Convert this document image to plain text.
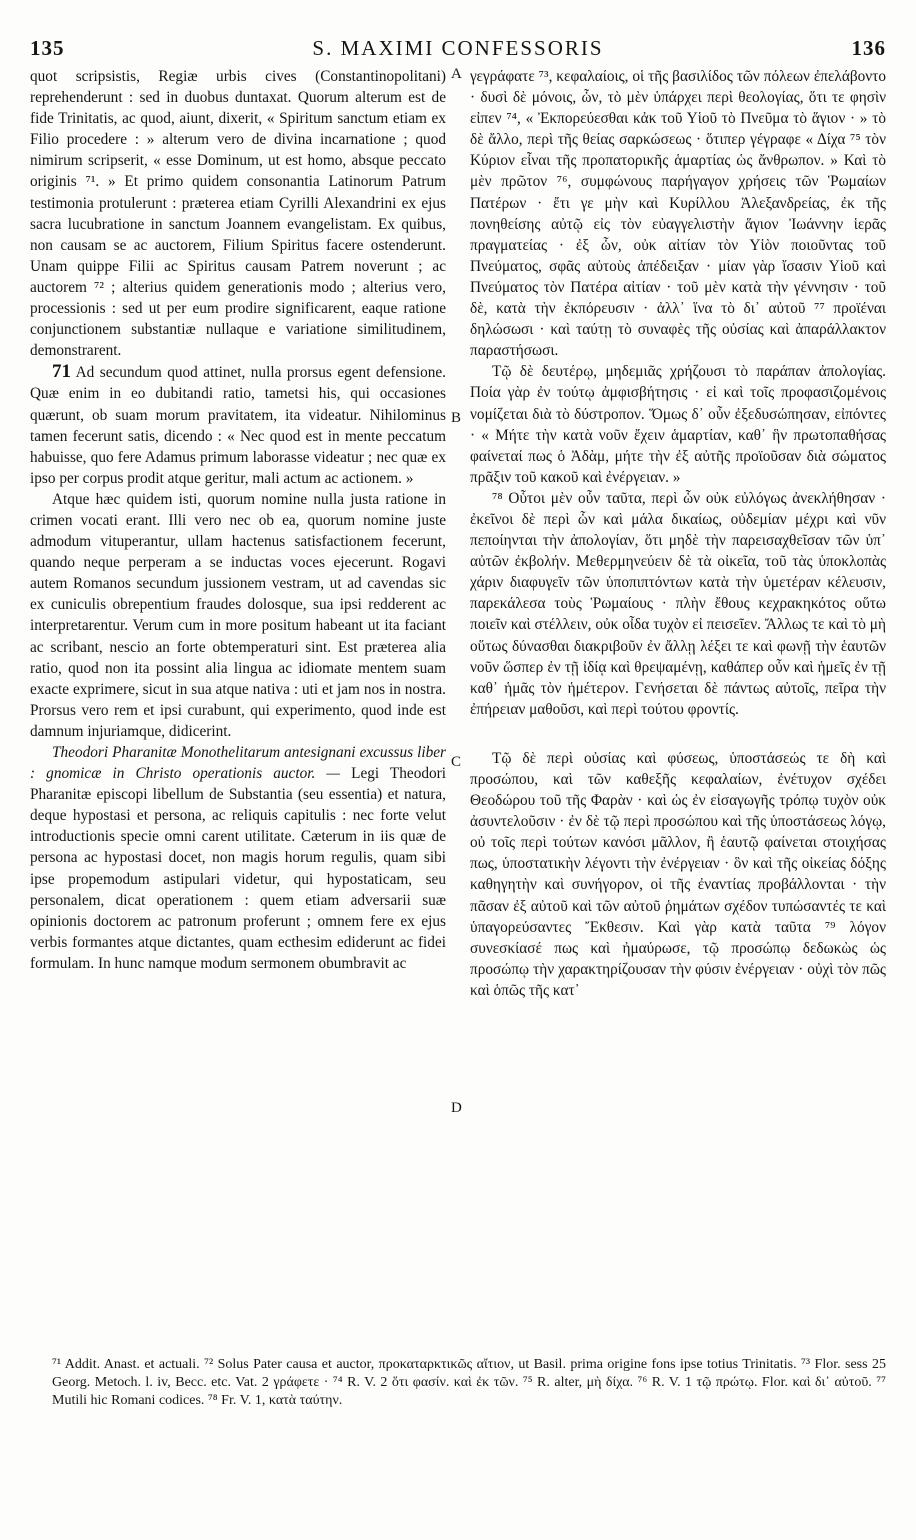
135	S. MAXIMI CONFESSORIS	136

quot scripsistis, Regiæ urbis cives (Constantinopolitani) reprehenderunt : sed in duobus duntaxat. Quorum alterum est de fide Trinitatis, ac quod, aiunt, dixerit, « Spiritum sanctum etiam ex Filio procedere : » alterum vero de divina incarnatione ; quod nimirum scripserit, « esse Dominum, ut est homo, absque peccato originis ⁷¹. » Et primo quidem consonantia Latinorum Patrum testimonia protulerunt : præterea etiam Cyrilli Alexandrini ex ejus sacra lucubratione in sanctum Joannem evangelistam. Ex quibus, non causam se ac auctorem, Filium Spiritus facere ostenderunt. Unam quippe Filii ac Spiritus causam Patrem noverunt ; ac auctorem ⁷² ; alterius quidem generationis modo ; alterius vero, processionis : sed ut per eum prodire significarent, eaque ratione conjunctionem substantiæ nullaque e variatione similitudinem, demonstrarent.

71 Ad secundum quod attinet, nulla prorsus egent defensione. Quæ enim in eo dubitandi ratio, tametsi his, qui occasiones quærunt, ob suam morum pravitatem, ita videatur. Nihilominus tamen fecerunt satis, dicendo : « Nec quod est in mente peccatum habuisse, quo fere Adamus primum laborasse videatur ; nec quæ ex ipso per corpus prodit atque geritur, mali actum ac actionem. »

Atque hæc quidem isti, quorum nomine nulla justa ratione in crimen vocati erant. Illi vero nec ob ea, quorum nomine juste admodum vituperantur, ullam hactenus satisfactionem fecerunt, quando neque perperam a se inductas voces ejecerunt. Rogavi autem Romanos secundum jussionem vestram, ut ad cavendas sic ex cuniculis obrepentium fraudes dolosque, sua ipsi redderent ac interpretarentur. Verum cum in more positum habeant ut ita faciant ac scribant, nescio an forte obtemperaturi sint. Est præterea alia ratio, quod non ita possint alia lingua ac idiomate mentem suam exacte exprimere, sicut in sua atque nativa : uti et jam nos in nostra. Prorsus vero rem et ipsi curabunt, qui experimento, quod inde est damnum injuriamque, didicerint.

Theodori Pharanitæ Monothelitarum antesignani excussus liber : gnomicæ in Christo operationis auctor. — Legi Theodori Pharanitæ episcopi libellum de Substantia (seu essentia) et natura, deque hypostasi et persona, ac reliquis capitulis : nec forte velut introductionis specie omni carent utilitate. Cæterum in iis quæ de persona ac hypostasi docet, non magis horum regulis, quam sibi ipse propemodum astipulari videtur, qui hypostaticam, seu personalem, dicat operationem : quem etiam adversarii suæ opinionis doctorem ac patronum proferunt ; omnem fere ex ejus verbis formantes atque dictantes, quam ecthesim ediderunt ac fidei formulam. In hunc namque modum sermonem obumbravit ac

A
B
C
D

γεγράφατε ⁷³, κεφαλαίοις, οἱ τῆς βασιλίδος τῶν πόλεων ἐπελάβοντο · δυσὶ δὲ μόνοις, ὧν, τὸ μὲν ὑπάρχει περὶ θεολογίας, ὅτι τε φησὶν εἰπεν ⁷⁴, « Ἐκπορεύεσθαι κἀκ τοῦ Υἱοῦ τὸ Πνεῦμα τὸ ἅγιον · » τὸ δὲ ἄλλο, περὶ τῆς θείας σαρκώσεως · ὅτιπερ γέγραφε « Δίχα ⁷⁵ τὸν Κύριον εἶναι τῆς προπατορικῆς ἁμαρτίας ὡς ἄνθρωπον. » Καὶ τὸ μὲν πρῶτον ⁷⁶, συμφώνους παρήγαγον χρήσεις τῶν Ῥωμαίων Πατέρων · ἔτι γε μὴν καὶ Κυρίλλου Ἀλεξανδρείας, ἐκ τῆς πονηθείσης αὐτῷ εἰς τὸν εὐαγγελιστὴν ἅγιον Ἰωάννην ἱερᾶς πραγματείας · ἐξ ὧν, οὐκ αἰτίαν τὸν Υἱὸν ποιοῦντας τοῦ Πνεύματος, σφᾶς αὐτοὺς ἀπέδειξαν · μίαν γὰρ ἴσασιν Υἱοῦ καὶ Πνεύματος τὸν Πατέρα αἰτίαν · τοῦ μὲν κατὰ τὴν γέννησιν · τοῦ δὲ, κατὰ τὴν ἐκπόρευσιν · ἀλλ᾽ ἵνα τὸ δι᾽ αὐτοῦ ⁷⁷ προϊέναι δηλώσωσι · καὶ ταύτῃ τὸ συναφὲς τῆς οὐσίας καὶ ἀπαράλλακτον παραστήσωσι.

Τῷ δὲ δευτέρῳ, μηδεμιᾶς χρήζουσι τὸ παράπαν ἀπολογίας. Ποία γὰρ ἐν τούτῳ ἀμφισβήτησις · εἰ καὶ τοῖς προφασιζομένοις νομίζεται διὰ τὸ δύστροπον. Ὅμως δ᾽ οὖν ἐξεδυσώπησαν, εἰπόντες · « Μήτε τὴν κατὰ νοῦν ἔχειν ἁμαρτίαν, καθ᾽ ἣν πρωτοπαθήσας φαίνεταί πως ὁ Ἀδὰμ, μήτε τὴν ἐξ αὐτῆς προϊοῦσαν διὰ σώματος πρᾶξιν τοῦ κακοῦ καὶ ἐνέργειαν. »

⁷⁸ Οὗτοι μὲν οὖν ταῦτα, περὶ ὧν οὐκ εὐλόγως ἀνεκλήθησαν · ἐκεῖνοι δὲ περὶ ὧν καὶ μάλα δικαίως, οὐδεμίαν μέχρι καὶ νῦν πεποίηνται τὴν ἀπολογίαν, ὅτι μηδὲ τὴν παρεισαχθεῖσαν τῶν ὑπ᾽ αὐτῶν ἐκβολήν. Μεθερμηνεύειν δὲ τὰ οἰκεῖα, τοῦ τὰς ὑποκλοπὰς χάριν διαφυγεῖν τῶν ὑποπιπτόντων κατὰ τὴν ὑμετέραν κέλευσιν, παρεκάλεσα τοὺς Ῥωμαίους · πλὴν ἔθους κεχρακηκότος οὕτω ποιεῖν καὶ στέλλειν, οὐκ οἶδα τυχὸν εἰ πεισεῖεν. Ἄλλως τε καὶ τὸ μὴ οὕτως δύνασθαι διακριβοῦν ἐν ἄλλῃ λέξει τε καὶ φωνῇ τὴν ἑαυτῶν νοῦν ὥσπερ ἐν τῇ ἰδίᾳ καὶ θρεψαμένῃ, καθάπερ οὖν καὶ ἡμεῖς ἐν τῇ καθ᾽ ἡμᾶς τὸν ἡμέτερον. Γενήσεται δὲ πάντως αὐτοῖς, πεῖρα τὴν ἐπήρειαν μαθοῦσι, καὶ περὶ τούτου φροντίς.

Τῷ δὲ περὶ οὐσίας καὶ φύσεως, ὑποστάσεώς τε δὴ καὶ προσώπου, καὶ τῶν καθεξῆς κεφαλαίων, ἐνέτυχον σχέδει Θεοδώρου τοῦ τῆς Φαρὰν · καὶ ὡς ἐν εἰσαγωγῆς τρόπῳ τυχὸν οὐκ ἀσυντελοῦσιν · ἐν δὲ τῷ περὶ προσώπου καὶ τῆς ὑποστάσεως λόγῳ, οὐ τοῖς περὶ τούτων κανόσι μᾶλλον, ἢ ἑαυτῷ φαίνεται στοιχήσας πως, ὑποστατικὴν λέγοντι τὴν ἐνέργειαν · ὃν καὶ τῆς οἰκείας δόξης καθηγητὴν καὶ συνήγορον, οἱ τῆς ἐναντίας προβάλλονται · τὴν πᾶσαν ἐξ αὐτοῦ καὶ τῶν αὐτοῦ ῥημάτων σχέδον τυπώσαντές τε καὶ ὑπαγορεύσαντες Ἔκθεσιν. Καὶ γὰρ κατὰ ταῦτα ⁷⁹ λόγον συνεσκίασέ πως καὶ ἠμαύρωσε, τῷ προσώπῳ δεδωκὼς ὡς προσώπῳ τὴν χαρακτηρίζουσαν τὴν φύσιν ἐνέργειαν · οὐχὶ τὸν πῶς καὶ ὁπῶς τῆς κατ᾽

⁷¹ Addit. Anast. et actuali. ⁷² Solus Pater causa et auctor, προκαταρκτικῶς αἴτιον, ut Basil. prima origine fons ipse totius Trinitatis. ⁷³ Flor. sess 25 Georg. Metoch. l. iv, Becc. etc. Vat. 2 γράφετε · ⁷⁴ R. V. 2 ὅτι φασίν. καὶ ἐκ τῶν. ⁷⁵ R. alter, μὴ δίχα. ⁷⁶ R. V. 1 τῷ πρώτῳ. Flor. καὶ δι᾽ αὐτοῦ. ⁷⁷ Mutili hic Romani codices. ⁷⁸ Fr. V. 1, κατὰ ταύτην.
